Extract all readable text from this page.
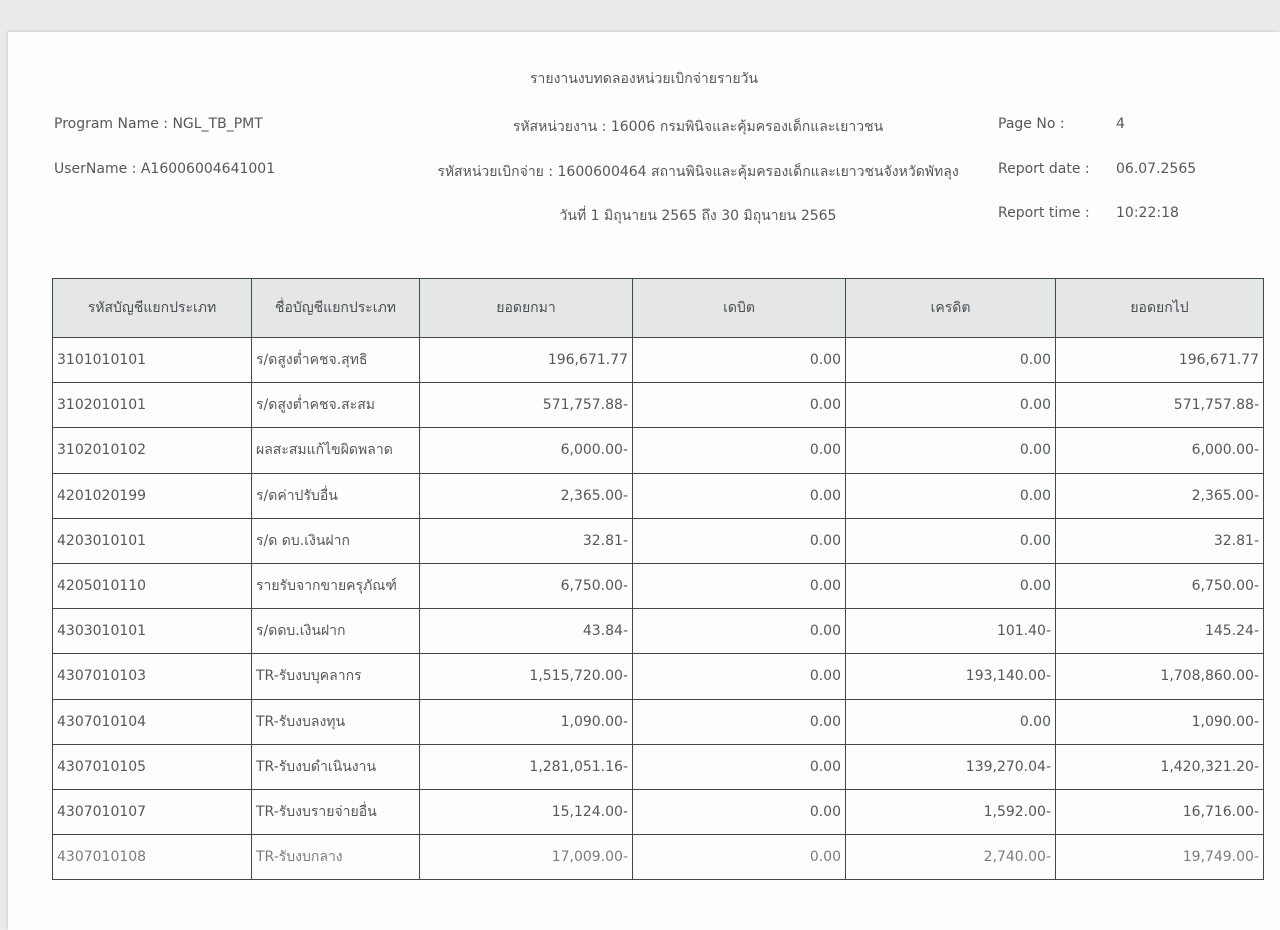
รายงานงบทดลองหน่วยเบิกจ่ายรายวัน
Program Name : NGL_TB_PMT
UserName : A16006004641001
รหัสหน่วยงาน : 16006 กรมพินิจและคุ้มครองเด็กและเยาวชน
รหัสหน่วยเบิกจ่าย : 1600600464 สถานพินิจและคุ้มครองเด็กและเยาวชนจังหวัดพัทลุง
วันที่ 1 มิถุนายน 2565 ถึง 30 มิถุนายน 2565
Page No :	4
Report date : 06.07.2565
Report time : 10:22:18
รหัสบัญชีแยกประเภท	ชื่อบัญชีแยกประเภท	ยอดยกมา	เดบิต	เครดิต	ยอดยกไป
3101010101	ร/ดสูงต่ำคชจ.สุทธิ	196,671.77	0.00	0.00	196,671.77
3102010101	ร/ดสูงต่ำคชจ.สะสม	571,757.88-	0.00	0.00	571,757.88-
3102010102	ผลสะสมแก้ไขผิดพลาด	6,000.00-	0.00	0.00	6,000.00-
4201020199	ร/ดค่าปรับอื่น	2,365.00-	0.00	0.00	2,365.00-
4203010101	ร/ด ดบ.เงินฝาก	32.81-	0.00	0.00	32.81-
4205010110	รายรับจากขายครุภัณฑ์	6,750.00-	0.00	0.00	6,750.00-
4303010101	ร/ดดบ.เงินฝาก	43.84-	0.00	101.40-	145.24-
4307010103	TR-รับงบบุคลากร	1,515,720.00-	0.00	193,140.00-	1,708,860.00-
4307010104	TR-รับงบลงทุน	1,090.00-	0.00	0.00	1,090.00-
4307010105	TR-รับงบดำเนินงาน	1,281,051.16-	0.00	139,270.04-	1,420,321.20-
4307010107	TR-รับงบรายจ่ายอื่น	15,124.00-	0.00	1,592.00-	16,716.00-
4307010108	TR-รับงบกลาง	17,009.00-	0.00	2,740.00-	19,749.00-
